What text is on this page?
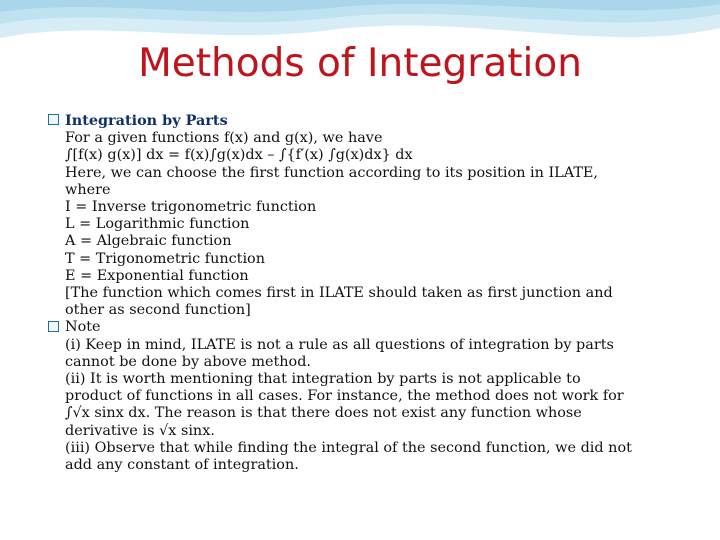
Methods of Integration
Integration by Parts
For a given functions f(x) and g(x), we have
∫[f(x) g(x)] dx = f(x)∫g(x)dx – ∫{f′(x) ∫g(x)dx} dx
Here, we can choose the first function according to its position in ILATE,
where
I = Inverse trigonometric function
L = Logarithmic function
A = Algebraic function
T = Trigonometric function
E = Exponential function
[The function which comes first in ILATE should taken as first junction and
other as second function]
Note
(i) Keep in mind, ILATE is not a rule as all questions of integration by parts
cannot be done by above method.
(ii) It is worth mentioning that integration by parts is not applicable to
product of functions in all cases. For instance, the method does not work for
∫√x sinx dx. The reason is that there does not exist any function whose
derivative is √x sinx.
(iii) Observe that while finding the integral of the second function, we did not
add any constant of integration.
